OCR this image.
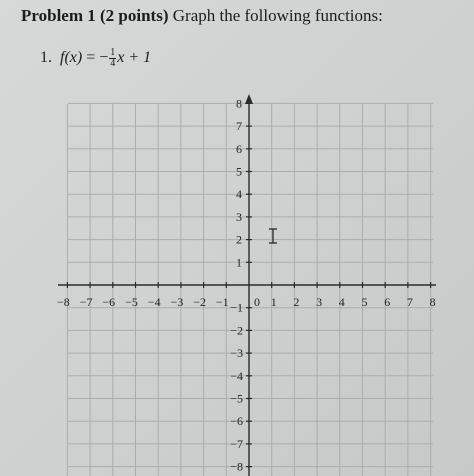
Problem 1 (2 points) Graph the following functions:
1. f(x) = − $\frac{1}{4}$ x + 1
−8 −7 −6 −5 −4 −3 −2 −1 0 1 2 3 4 5 6 7 8
1
2
3
4
5
6
7
8
−1
−2
−3
−4
−5
−6
−7
−8
